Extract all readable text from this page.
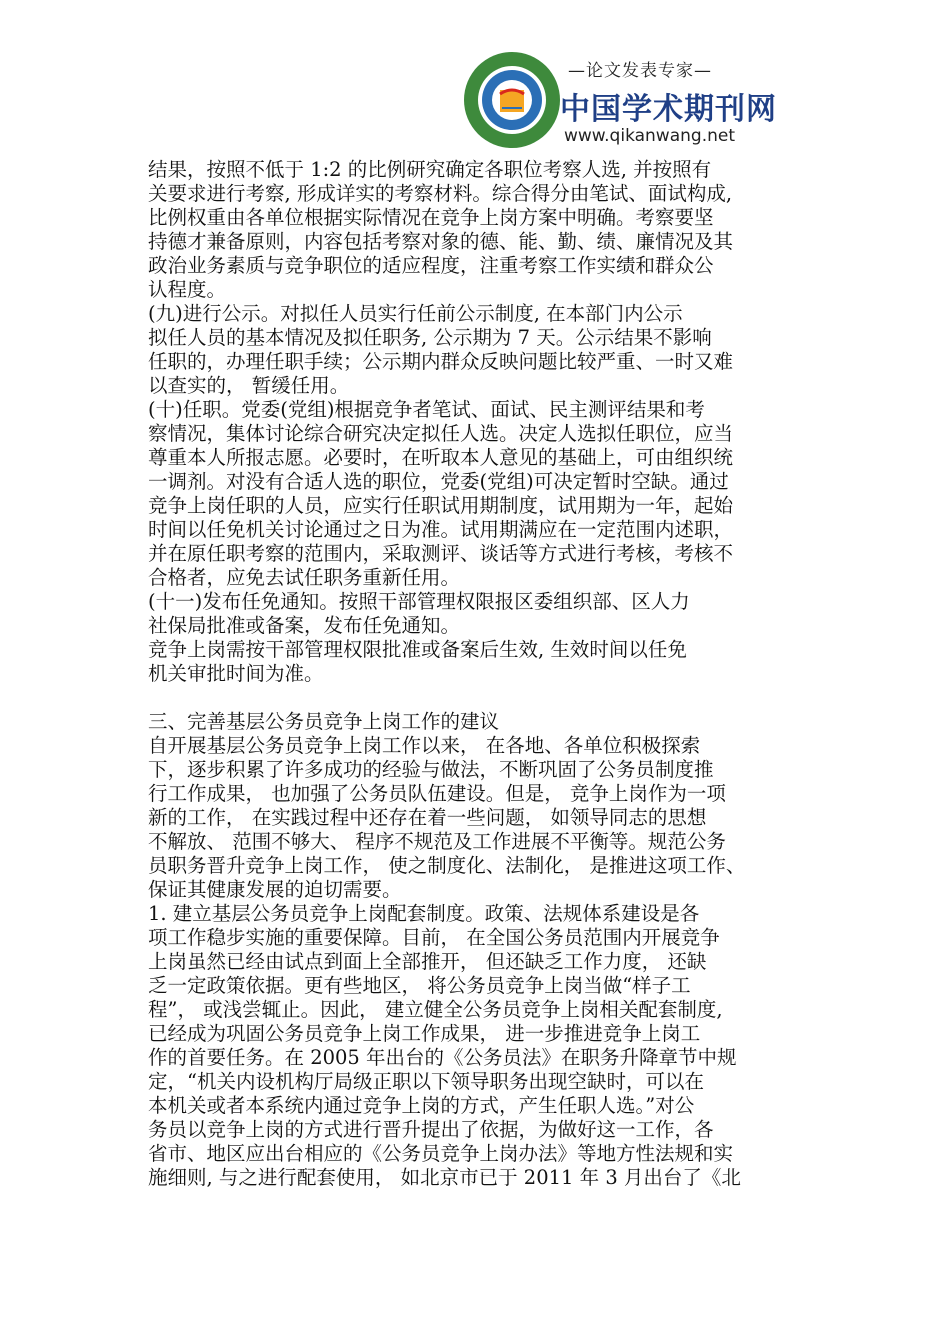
—论文发表专家—
中国学术期刊网
www.qikanwang.net
结果，按照不低于 1:2 的比例研究确定各职位考察人选, 并按照有
关要求进行考察, 形成详实的考察材料。综合得分由笔试、面试构成,
比例权重由各单位根据实际情况在竞争上岗方案中明确。考察要坚
持德才兼备原则，内容包括考察对象的德、能、勤、绩、廉情况及其
政治业务素质与竞争职位的适应程度，注重考察工作实绩和群众公
认程度。
(九)进行公示。对拟任人员实行任前公示制度, 在本部门内公示
拟任人员的基本情况及拟任职务, 公示期为 7 天。公示结果不影响
任职的，办理任职手续；公示期内群众反映问题比较严重、一时又难
以查实的， 暂缓任用。
(十)任职。党委(党组)根据竞争者笔试、面试、民主测评结果和考
察情况，集体讨论综合研究决定拟任人选。决定人选拟任职位，应当
尊重本人所报志愿。必要时，在听取本人意见的基础上，可由组织统
一调剂。对没有合适人选的职位，党委(党组)可决定暂时空缺。通过
竞争上岗任职的人员，应实行任职试用期制度，试用期为一年，起始
时间以任免机关讨论通过之日为准。试用期满应在一定范围内述职，
并在原任职考察的范围内，采取测评、谈话等方式进行考核，考核不
合格者，应免去试任职务重新任用。
(十一)发布任免通知。按照干部管理权限报区委组织部、区人力
社保局批准或备案，发布任免通知。
竞争上岗需按干部管理权限批准或备案后生效, 生效时间以任免
机关审批时间为准。
三、完善基层公务员竞争上岗工作的建议
自开展基层公务员竞争上岗工作以来， 在各地、各单位积极探索
下，逐步积累了许多成功的经验与做法，不断巩固了公务员制度推
行工作成果， 也加强了公务员队伍建设。但是， 竞争上岗作为一项
新的工作， 在实践过程中还存在着一些问题， 如领导同志的思想
不解放、 范围不够大、 程序不规范及工作进展不平衡等。规范公务
员职务晋升竞争上岗工作， 使之制度化、法制化， 是推进这项工作、
保证其健康发展的迫切需要。
1. 建立基层公务员竞争上岗配套制度。政策、法规体系建设是各
项工作稳步实施的重要保障。目前， 在全国公务员范围内开展竞争
上岗虽然已经由试点到面上全部推开， 但还缺乏工作力度， 还缺
乏一定政策依据。更有些地区， 将公务员竞争上岗当做“样子工
程”， 或浅尝辄止。因此， 建立健全公务员竞争上岗相关配套制度,
已经成为巩固公务员竞争上岗工作成果， 进一步推进竞争上岗工
作的首要任务。在 2005 年出台的《公务员法》在职务升降章节中规
定，“机关内设机构厅局级正职以下领导职务出现空缺时，可以在
本机关或者本系统内通过竞争上岗的方式，产生任职人选。”对公
务员以竞争上岗的方式进行晋升提出了依据，为做好这一工作，各
省市、地区应出台相应的《公务员竞争上岗办法》等地方性法规和实
施细则, 与之进行配套使用， 如北京市已于 2011 年 3 月出台了《北
